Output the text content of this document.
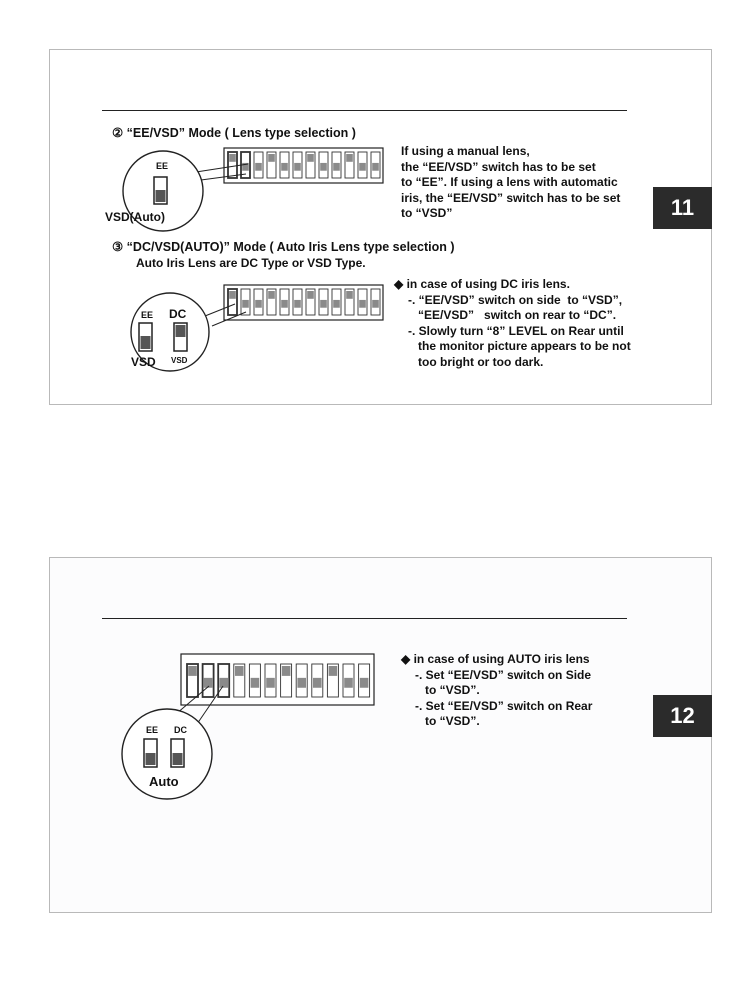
② “EE/VSD” Mode ( Lens type selection )
If using a manual lens,
the “EE/VSD” switch has to be set
to “EE”. If using a lens with automatic
iris, the “EE/VSD” switch has to be set
to “VSD”
③ “DC/VSD(AUTO)” Mode ( Auto Iris Lens type selection )
Auto Iris Lens are DC Type or VSD Type.
◆ in case of using DC iris lens.
-. “EE/VSD” switch on side  to “VSD”,
“EE/VSD”   switch on rear to “DC”.
-. Slowly turn “8” LEVEL on Rear until
the monitor picture appears to be not
too bright or too dark.
11
EE
VSD(Auto)
EE DC
VSD VSD
◆ in case of using AUTO iris lens
-. Set “EE/VSD” switch on Side
to “VSD”.
-. Set “EE/VSD” switch on Rear
to “VSD”.	12
EE DC
Auto
